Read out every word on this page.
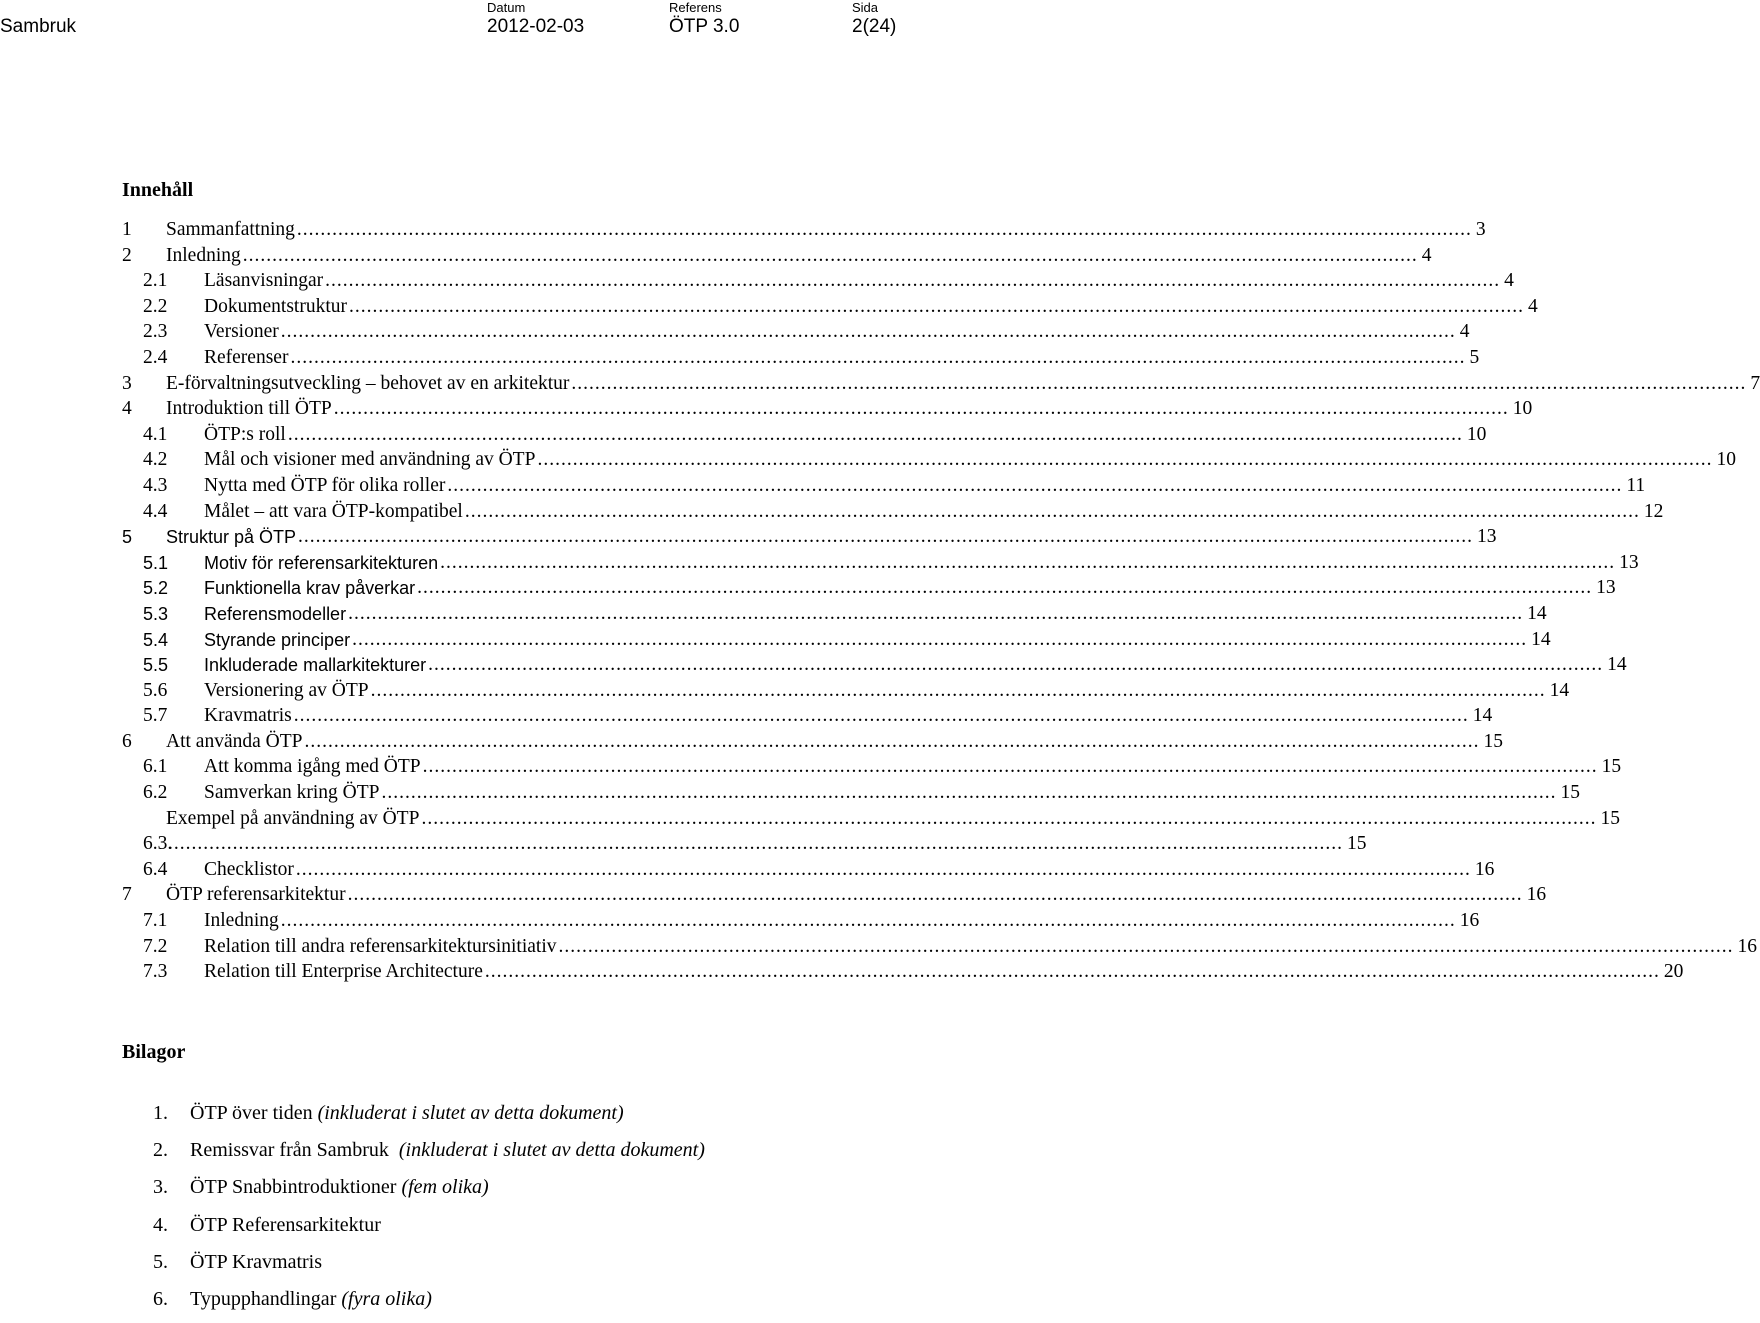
Sambruk
Datum
2012-02-03
Referens
ÖTP 3.0
Sida
2(24)
Innehåll
1 Sammanfattning ........................................................................................................................................................................................................ 3
2 Inledning ........................................................................................................................................................................................................ 4
2.1 Läsanvisningar ........................................................................................................................................................................................................ 4
2.2 Dokumentstruktur ........................................................................................................................................................................................................ 4
2.3 Versioner ........................................................................................................................................................................................................ 4
2.4 Referenser ........................................................................................................................................................................................................ 5
3 E-förvaltningsutveckling – behovet av en arkitektur ........................................................................................................................................................................................................ 7
4 Introduktion till ÖTP ........................................................................................................................................................................................................ 10
4.1 ÖTP:s roll ........................................................................................................................................................................................................ 10
4.2 Mål och visioner med användning av ÖTP ........................................................................................................................................................................................................ 10
4.3 Nytta med ÖTP för olika roller ........................................................................................................................................................................................................ 11
4.4 Målet – att vara ÖTP-kompatibel ........................................................................................................................................................................................................ 12
5 Struktur på ÖTP ........................................................................................................................................................................................................ 13
5.1 Motiv för referensarkitekturen ........................................................................................................................................................................................................ 13
5.2 Funktionella krav påverkar ........................................................................................................................................................................................................ 13
5.3 Referensmodeller ........................................................................................................................................................................................................ 14
5.4 Styrande principer ........................................................................................................................................................................................................ 14
5.5 Inkluderade mallarkitekturer ........................................................................................................................................................................................................ 14
5.6 Versionering av ÖTP ........................................................................................................................................................................................................ 14
5.7 Kravmatris ........................................................................................................................................................................................................ 14
6 Att använda ÖTP ........................................................................................................................................................................................................ 15
6.1 Att komma igång med ÖTP ........................................................................................................................................................................................................ 15
6.2 Samverkan kring ÖTP ........................................................................................................................................................................................................ 15
Exempel på användning av ÖTP ........................................................................................................................................................................................................ 15
6.3.
........................................................................................................................................................................................................ 15
6.4 Checklistor ........................................................................................................................................................................................................ 16
7 ÖTP referensarkitektur ........................................................................................................................................................................................................ 16
7.1 Inledning ........................................................................................................................................................................................................ 16
7.2 Relation till andra referensarkitektursinitiativ ........................................................................................................................................................................................................ 16
7.3 Relation till Enterprise Architecture ........................................................................................................................................................................................................ 20
Bilagor
1. ÖTP över tiden (inkluderat i slutet av detta dokument)
2. Remissvar från Sambruk  (inkluderat i slutet av detta dokument)
3. ÖTP Snabbintroduktioner (fem olika)
4. ÖTP Referensarkitektur
5. ÖTP Kravmatris
6. Typupphandlingar (fyra olika)
